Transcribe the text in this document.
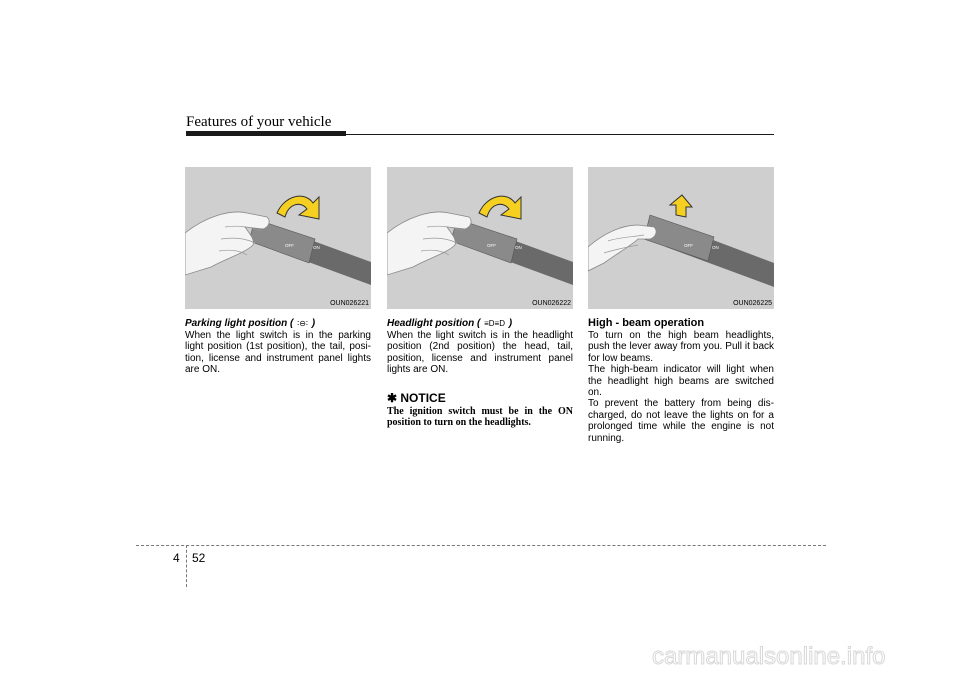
Features of your vehicle
OFF	ON
OUN026221
Parking light position ( ∶⊖∶ )

When the light switch is in the parking light position (1st position), the tail, posi-tion, license and instrument panel lights are ON.

OFF	ON
OUN026222
Headlight position ( ≡D≡D )

When the light switch is in the headlight position (2nd position) the head, tail, position, license and instrument panel lights are ON.

✱ NOTICE

The ignition switch must be in the ON position to turn on the headlights.

OFF	ON
OUN026225
High - beam operation

To turn on the high beam headlights, push the lever away from you. Pull it back for low beams.

The high-beam indicator will light when the headlight high beams are switched on.

To prevent the battery from being dis-charged, do not leave the lights on for a prolonged time while the engine is not running.

4 52
carmanualsonline.info
